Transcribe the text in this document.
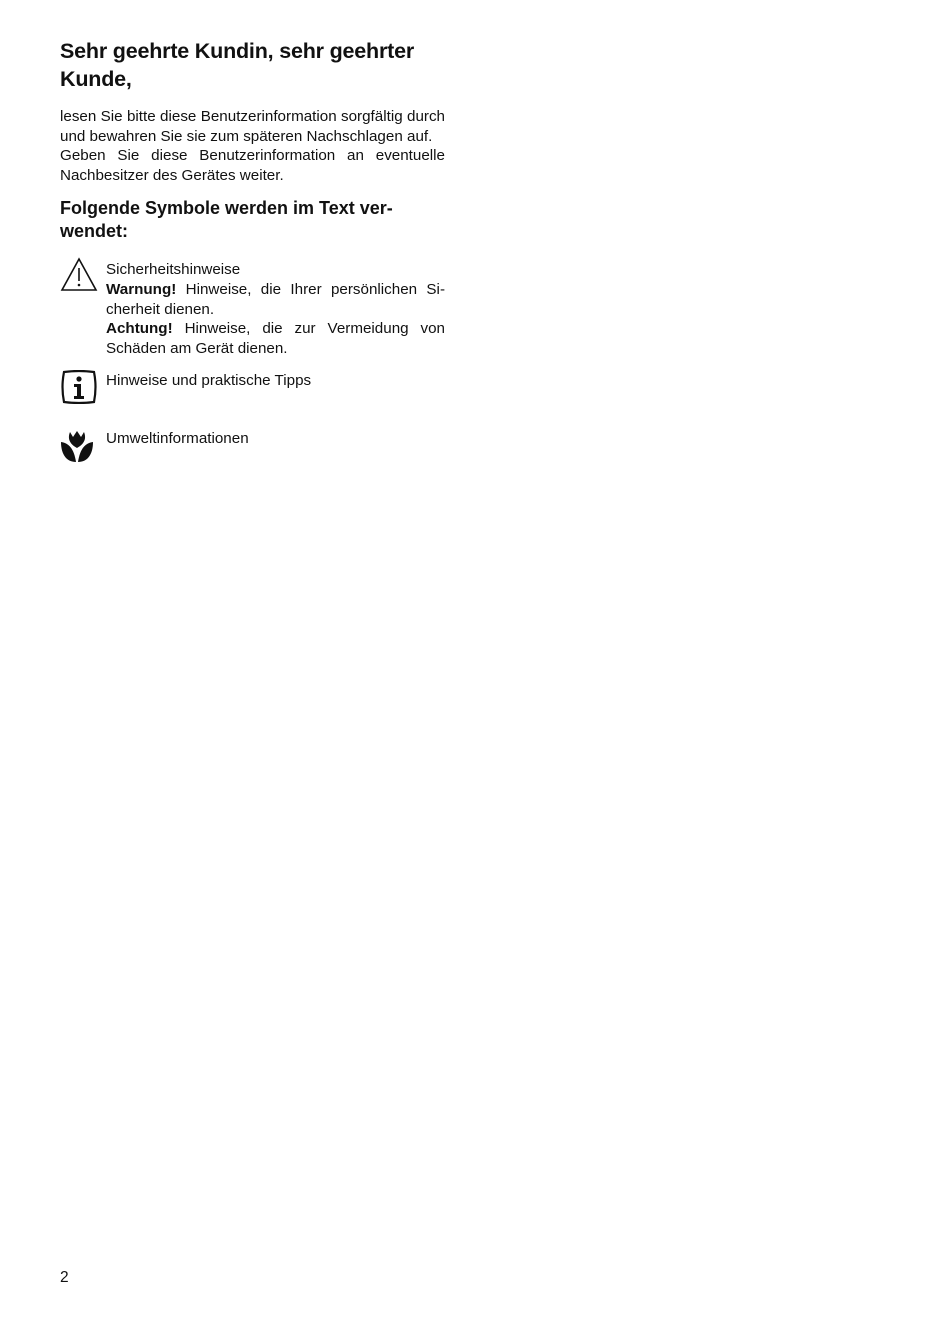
Sehr geehrte Kundin, sehr geehrter Kunde,

lesen Sie bitte diese Benutzerinformation sorgfältig durch und bewahren Sie sie zum späteren Nachschlagen auf.

Geben Sie diese Benutzerinformation an eventuelle Nachbesitzer des Gerätes weiter.

Folgende Symbole werden im Text verwendet:
Sicherheitshinweise
Warnung! Hinweise, die Ihrer persönlichen Sicherheit dienen.
Achtung! Hinweise, die zur Vermeidung von Schäden am Gerät dienen.
Hinweise und praktische Tipps
Umweltinformationen
2
